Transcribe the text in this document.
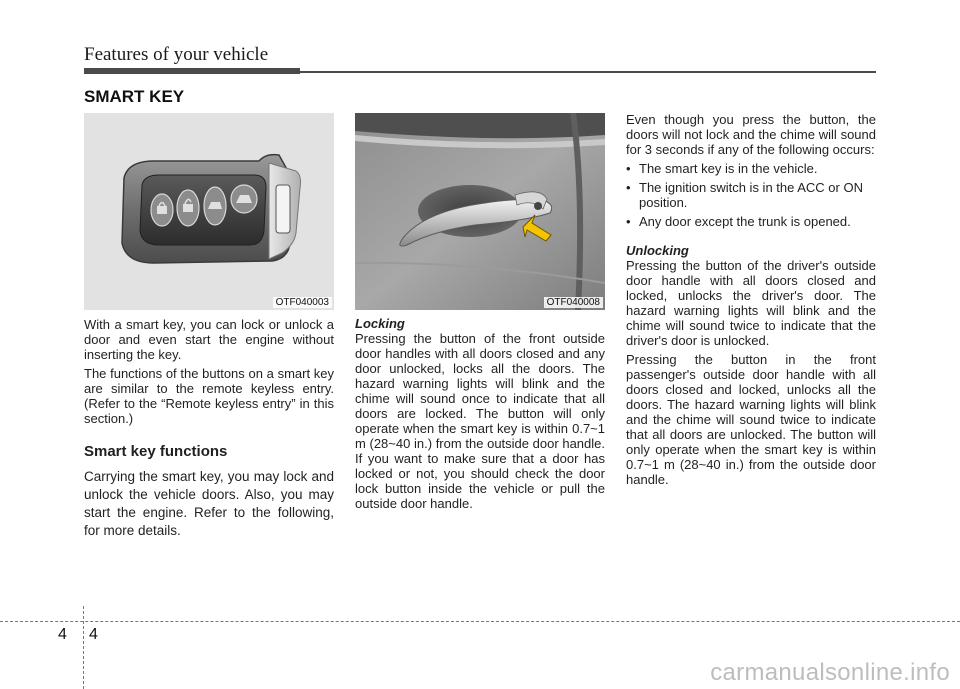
Features of your vehicle
SMART KEY
OTF040003

With a smart key, you can lock or unlock a door and even start the engine without inserting the key.

The functions of the buttons on a smart key are similar to the remote keyless entry. (Refer to the “Remote keyless entry” in this section.)

Smart key functions

Carrying the smart key, you may lock and unlock the vehicle doors. Also, you may start the engine. Refer to the following, for more details.

OTF040008
Locking

Pressing the button of the front outside door handles with all doors closed and any door unlocked, locks all the doors. The hazard warning lights will blink and the chime will sound once to indicate that all doors are locked. The button will only operate when the smart key is within 0.7~1 m (28~40 in.) from the outside door handle. If you want to make sure that a door has locked or not, you should check the door lock button inside the vehicle or pull the outside door handle.

Even though you press the button, the doors will not lock and the chime will sound for 3 seconds if any of the following occurs:

• The smart key is in the vehicle.
• The ignition switch is in the ACC or ON position.
• Any door except the trunk is opened.
Unlocking

Pressing the button of the driver's outside door handle with all doors closed and locked, unlocks the driver's door. The hazard warning lights will blink and the chime will sound twice to indicate that the driver's door is unlocked.

Pressing the button in the front passenger's outside door handle with all doors closed and locked, unlocks all the doors. The hazard warning lights will blink and the chime will sound twice to indicate that all doors are unlocked. The button will only operate when the smart key is within 0.7~1 m (28~40 in.) from the outside door handle.

4 4
carmanualsonline.info
